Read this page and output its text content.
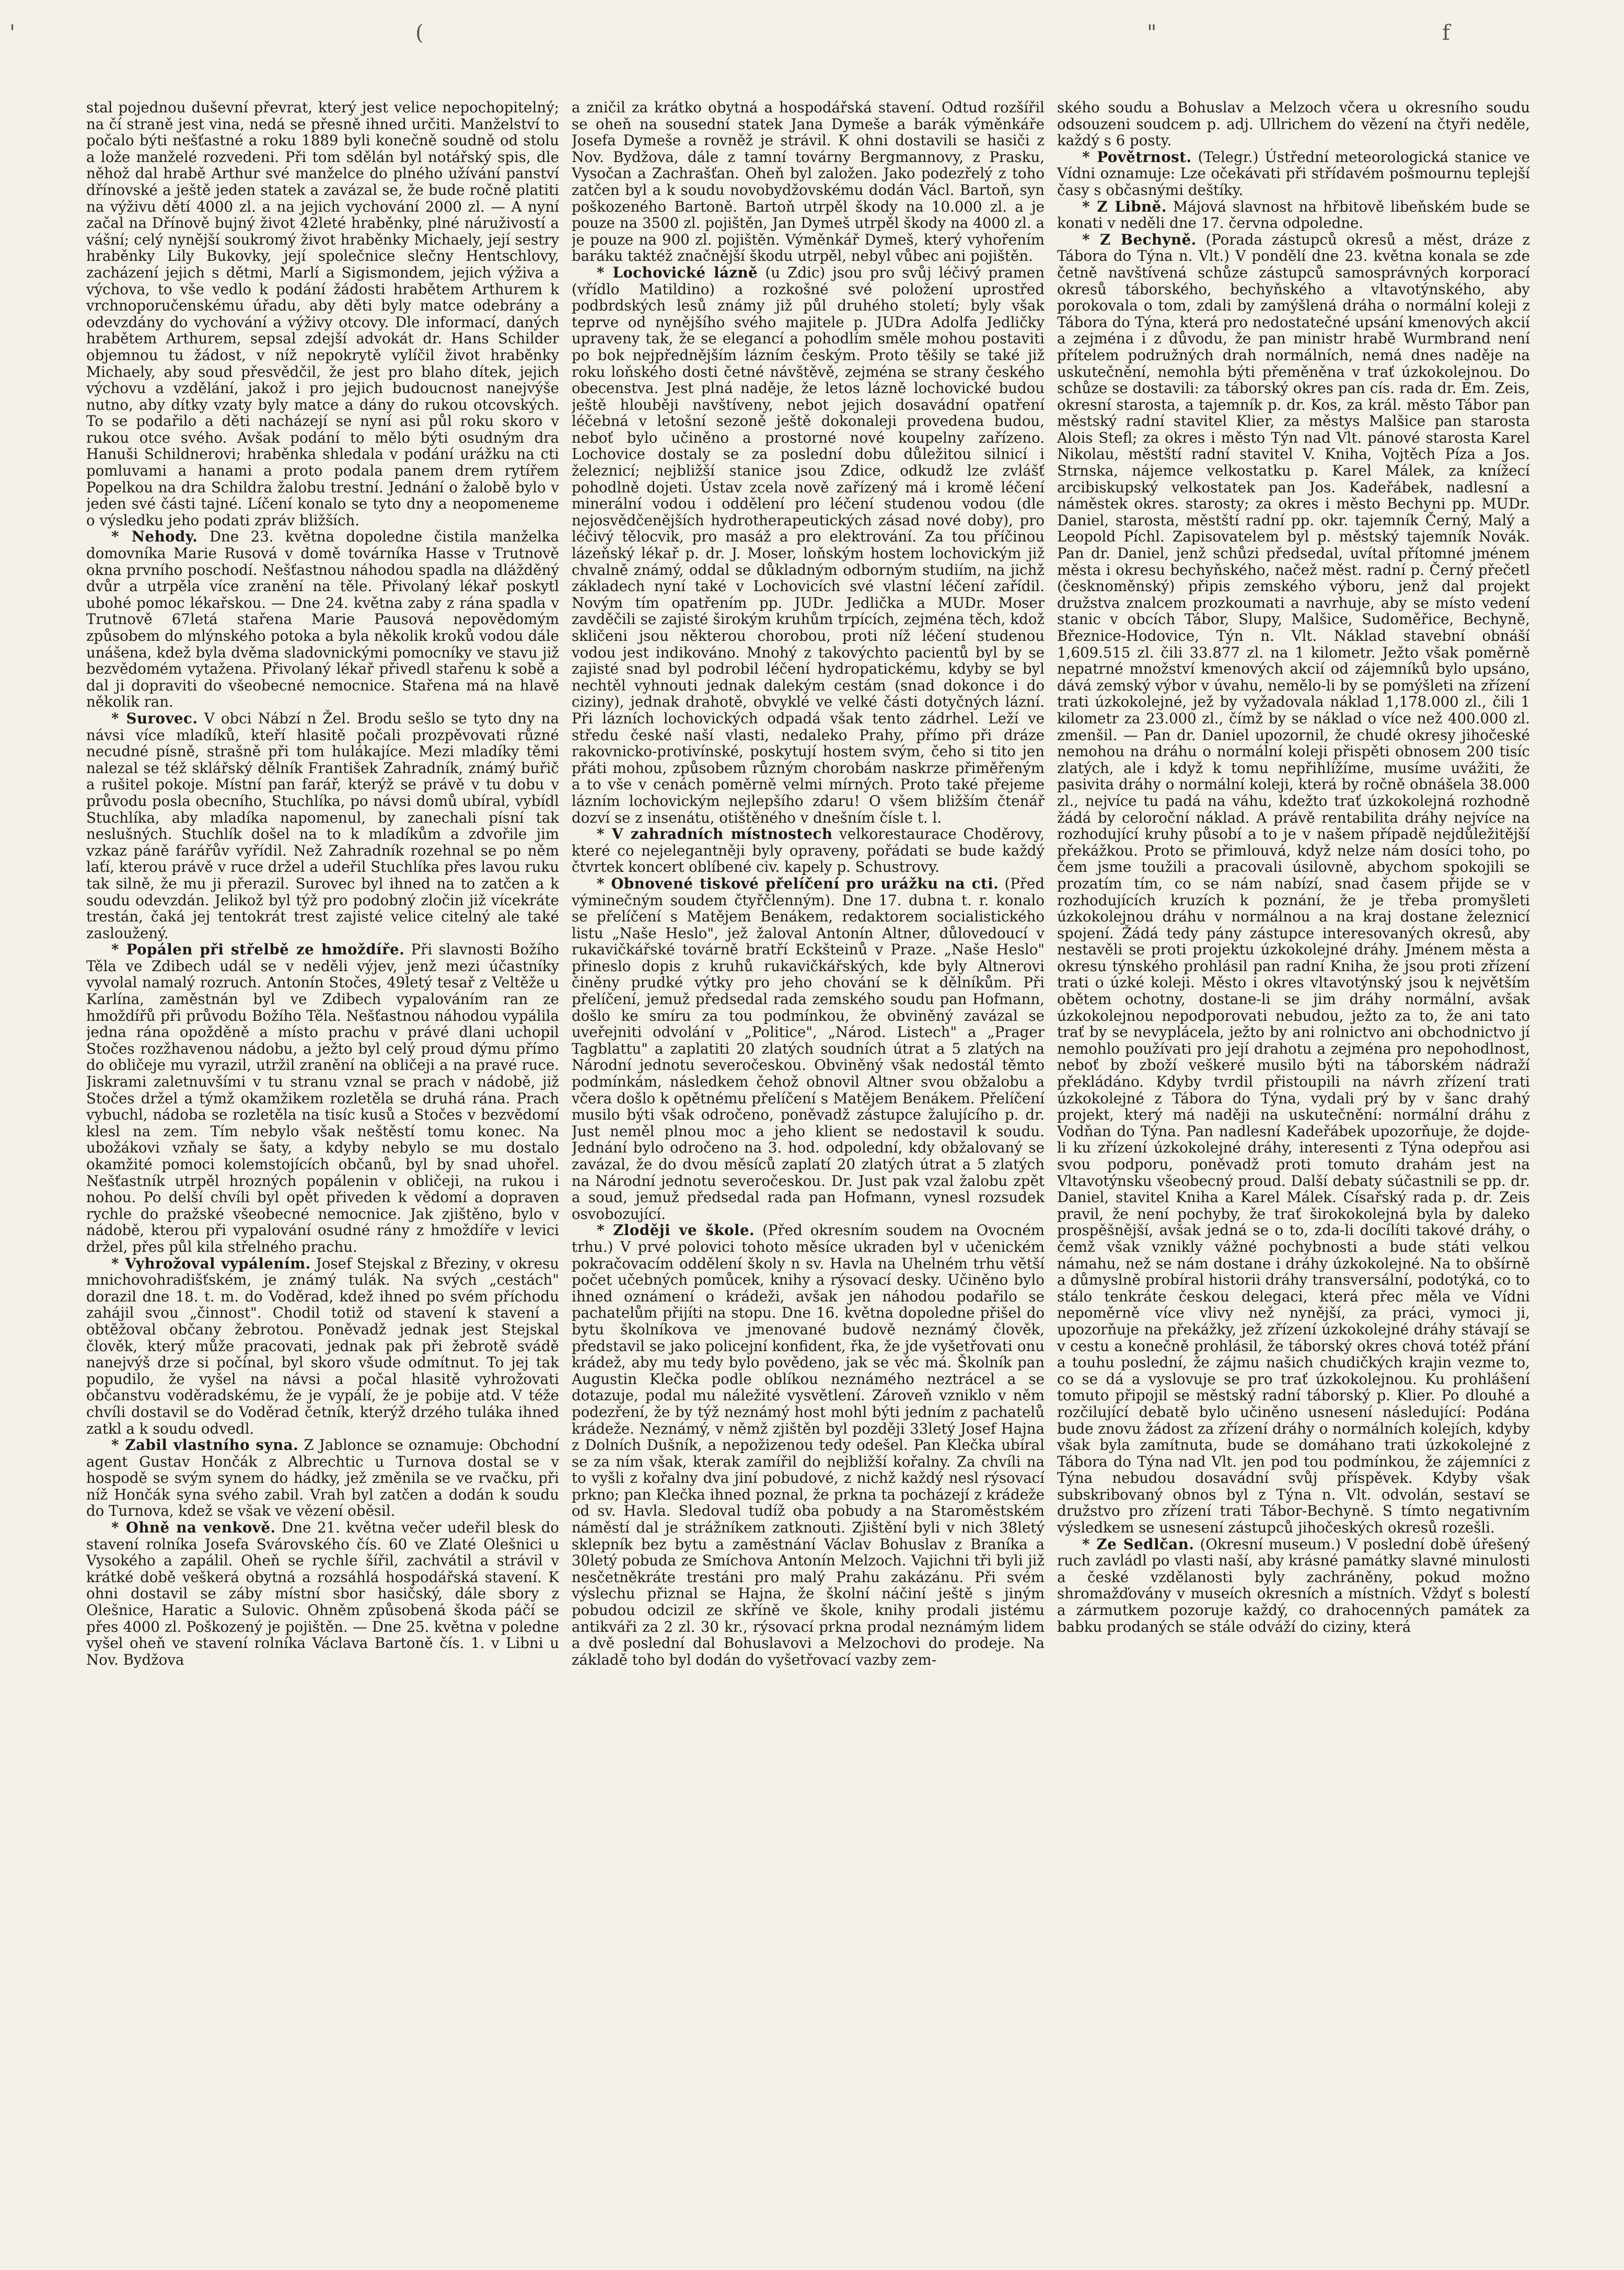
'	(	"	f

stal pojednou duševní převrat, který jest velice nepochopitelný; na čí straně jest vina, nedá se přesně ihned určiti. Manželství to počalo býti nešťastné a roku 1889 byli konečně soudně od stolu a lože manželé rozvedeni. Při tom sdělán byl notářský spis, dle něhož dal hrabě Arthur své manželce do plného užívání panství dřínovské a ještě jeden statek a zavázal se, že bude ročně platiti na výživu dětí 4000 zl. a na jejich vychování 2000 zl. — A nyní začal na Dřínově bujný život 42leté hraběnky, plné náruživostí a vášní; celý nynější soukromý život hraběnky Michaely, její sestry hraběnky Lily Bukovky, její společnice slečny Hentschlovy, zacházení jejich s dětmi, Marlí a Sigismondem, jejich výživa a výchova, to vše vedlo k podání žádosti hrabětem Arthurem k vrchnoporučenskému úřadu, aby děti byly matce odebrány a odevzdány do vychování a výživy otcovy. Dle informací, daných hrabětem Arthurem, sepsal zdejší advokát dr. Hans Schilder objemnou tu žádost, v níž nepokrytě vylíčil život hraběnky Michaely, aby soud přesvědčil, že jest pro blaho dítek, jejich výchovu a vzdělání, jakož i pro jejich budoucnost nanejvýše nutno, aby dítky vzaty byly matce a dány do rukou otcovských. To se podařilo a děti nacházejí se nyní asi půl roku skoro v rukou otce svého. Avšak podání to mělo býti osudným dra Hanuši Schildnerovi; hraběnka shledala v podání urážku na cti pomluvami a hanami a proto podala panem drem rytířem Popelkou na dra Schildra žalobu trestní. Jednání o žalobě bylo v jeden své části tajné. Líčení konalo se tyto dny a neopomeneme o výsledku jeho podati zpráv bližších.

* Nehody. Dne 23. května dopoledne čistila manželka domovníka Marie Rusová v domě továrníka Hasse v Trutnově okna prvního poschodí. Nešťastnou náhodou spadla na dlážděný dvůr a utrpěla více zranění na těle. Přivolaný lékař poskytl ubohé pomoc lékařskou. — Dne 24. května zaby z rána spadla v Trutnově 67letá stařena Marie Pausová nepovědomým způsobem do mlýnského potoka a byla několik kroků vodou dále unášena, kdež byla dvěma sladovnickými pomocníky ve stavu již bezvědomém vytažena. Přivolaný lékař přivedl stařenu k sobě a dal ji dopraviti do všeobecné nemocnice. Stařena má na hlavě několik ran.

* Surovec. V obci Nábzí n Žel. Brodu sešlo se tyto dny na návsi více mladíků, kteří hlasitě počali prozpěvovati různé necudné písně, strašně při tom hulákajíce. Mezi mladíky těmi nalezal se též sklářský dělník František Zahradník, známý buřič a rušitel pokoje. Místní pan farář, kterýž se právě v tu dobu v průvodu posla obecního, Stuchlíka, po návsi domů ubíral, vybídl Stuchlíka, aby mladíka napomenul, by zanechali písní tak neslušných. Stuchlík došel na to k mladíkům a zdvořile jim vzkaz páně farářův vyřídil. Než Zahradník rozehnal se po něm laťí, kterou právě v ruce držel a udeřil Stuchlíka přes lavou ruku tak silně, že mu ji přerazil. Surovec byl ihned na to zatčen a k soudu odevzdán. Jelikož byl týž pro podobný zločin již vícekráte trestán, čaká jej tentokrát trest zajisté velice citelný ale také zasloužený.

* Popálen při střelbě ze hmoždíře. Při slavnosti Božího Těla ve Zdibech udál se v neděli výjev, jenž mezi účastníky vyvolal namalý rozruch. Antonín Stočes, 49letý tesař z Veltěže u Karlína, zaměstnán byl ve Zdibech vypalováním ran ze hmoždířů při průvodu Božího Těla. Nešťastnou náhodou vypálila jedna rána opožděně a místo prachu v právé dlani uchopil Stočes rozžhavenou nádobu, a ježto byl celý proud dýmu přímo do obličeje mu vyrazil, utržil zranění na obličeji a na pravé ruce. Jiskrami zaletnuvšími v tu stranu vznal se prach v nádobě, již Stočes držel a týmž okamžikem rozletěla se druhá rána. Prach vybuchl, nádoba se rozletěla na tisíc kusů a Stočes v bezvědomí klesl na zem. Tím nebylo však neštěstí tomu konec. Na ubožákovi vzňaly se šaty, a kdyby nebylo se mu dostalo okamžité pomoci kolemstojících občanů, byl by snad uhořel. Nešťastník utrpěl hrozných popálenin v obličeji, na rukou i nohou. Po delší chvíli byl opět přiveden k vědomí a dopraven rychle do pražské všeobecné nemocnice. Jak zjištěno, bylo v nádobě, kterou při vypalování osudné rány z hmoždíře v levici držel, přes půl kila střelného prachu.

* Vyhrožoval vypálením. Josef Stejskal z Březiny, v okresu mnichovohradišťském, je známý tulák. Na svých „cestách" dorazil dne 18. t. m. do Voděrad, kdež ihned po svém příchodu zahájil svou „činnost". Chodil totiž od stavení k stavení a obtěžoval občany žebrotou. Poněvadž jednak jest Stejskal člověk, který může pracovati, jednak pak při žebrotě svádě nanejvýš drze si počínal, byl skoro všude odmítnut. To jej tak popudilo, že vyšel na návsi a počal hlasitě vyhrožovati občanstvu voděradskému, že je vypálí, že je pobije atd. V téže chvíli dostavil se do Voděrad četník, kterýž drzého tuláka ihned zatkl a k soudu odvedl.

* Zabil vlastního syna. Z Jablonce se oznamuje: Obchodní agent Gustav Hončák z Albrechtic u Turnova dostal se v hospodě se svým synem do hádky, jež změnila se ve rvačku, při níž Hončák syna svého zabil. Vrah byl zatčen a dodán k soudu do Turnova, kdež se však ve vězení oběsil.

* Ohně na venkově. Dne 21. května večer udeřil blesk do stavení rolníka Josefa Svárovského čís. 60 ve Zlaté Olešnici u Vysokého a zapálil. Oheň se rychle šířil, zachvátil a strávil v krátké době veškerá obytná a rozsáhlá hospodářská stavení. K ohni dostavil se záby místní sbor hasičský, dále sbory z Olešnice, Haratic a Sulovic. Ohněm způsobená škoda páčí se přes 4000 zl. Poškozený je pojištěn. — Dne 25. května v poledne vyšel oheň ve stavení rolníka Václava Bartoně čís. 1. v Libni u Nov. Bydžova

a zničil za krátko obytná a hospodářská stavení. Odtud rozšířil se oheň na sousední statek Jana Dymeše a barák výměnkáře Josefa Dymeše a rovněž je strávil. K ohni dostavili se hasiči z Nov. Bydžova, dále z tamní továrny Bergmannovy, z Prasku, Vysočan a Zachrašťan. Oheň byl založen. Jako podezřelý z toho zatčen byl a k soudu novobydžovskému dodán Václ. Bartoň, syn poškozeného Bartoně. Bartoň utrpěl škody na 10.000 zl. a je pouze na 3500 zl. pojištěn, Jan Dymeš utrpěl škody na 4000 zl. a je pouze na 900 zl. pojištěn. Výměnkář Dymeš, který vyhořením baráku taktéž značnější škodu utrpěl, nebyl vůbec ani pojištěn.

* Lochovické lázně (u Zdic) jsou pro svůj léčivý pramen (vřídlo Matildino) a rozkošné své položení uprostřed podbrdských lesů známy již půl druhého století; byly však teprve od nynějšího svého majitele p. JUDra Adolfa Jedličky upraveny tak, že se elegancí a pohodlím směle mohou postaviti po bok nejpřednějším lázním českým. Proto těšily se také již roku loňského dosti četné návštěvě, zejména se strany českého obecenstva. Jest plná naděje, že letos lázně lochovické budou ještě hlouběji navštíveny, nebot jejich dosavádní opatření léčebná v letošní sezoně ještě dokonaleji provedena budou, neboť bylo učiněno a prostorné nové koupelny zařízeno. Lochovice dostaly se za poslední dobu důležitou silnicí i železnicí; nejbližší stanice jsou Zdice, odkudž lze zvlášť pohodlně dojeti. Ústav zcela nově zařízený má i kromě léčení minerální vodou i oddělení pro léčení studenou vodou (dle nejosvědčenějších hydrotherapeutických zásad nové doby), pro léčivý tělocvik, pro masáž a pro elektrování. Za tou příčinou lázeňský lékař p. dr. J. Moser, loňským hostem lochovickým již chvalně známý, oddal se důkladným odborným studiím, na jichž základech nyní také v Lochovicích své vlastní léčení zařídil. Novým tím opatřením pp. JUDr. Jedlička a MUDr. Moser zavděčili se zajisté širokým kruhům trpících, zejména těch, kdož skličeni jsou některou chorobou, proti níž léčení studenou vodou jest indikováno. Mnohý z takovýchto pacientů byl by se zajisté snad byl podrobil léčení hydropatickému, kdyby se byl nechtěl vyhnouti jednak dalekým cestám (snad dokonce i do ciziny), jednak drahotě, obvyklé ve velké části dotyčných lázní. Při lázních lochovických odpadá však tento zádrhel. Leží ve středu české naší vlasti, nedaleko Prahy, přímo při dráze rakovnicko-protivínské, poskytují hostem svým, čeho si tito jen přáti mohou, způsobem různým chorobám naskrze přiměřeným a to vše v cenách poměrně velmi mírných. Proto také přejeme lázním lochovickým nejlepšího zdaru! O všem bližším čtenář dozví se z insenátu, otištěného v dnešním čísle t. l.

* V zahradních místnostech velkorestaurace Choděrovy, které co nejelegantněji byly opraveny, pořádati se bude každý čtvrtek koncert oblíbené civ. kapely p. Schustrovy.

* Obnovené tiskové přelíčení pro urážku na cti. (Před výminečným soudem čtyřčlenným). Dne 17. dubna t. r. konalo se přelíčení s Matějem Benákem, redaktorem socialistického listu „Naše Heslo", jež žaloval Antonín Altner, důlovedoucí v rukavičkářské továrně bratří Eckšteinů v Praze. „Naše Heslo" přineslo dopis z kruhů rukavičkářských, kde byly Altnerovi činěny prudké výtky pro jeho chování se k dělníkům. Při přelíčení, jemuž předsedal rada zemského soudu pan Hofmann, došlo ke smíru za tou podmínkou, že obviněný zavázal se uveřejniti odvolání v „Politice", „Národ. Listech" a „Prager Tagblattu" a zaplatiti 20 zlatých soudních útrat a 5 zlatých na Národní jednotu severočeskou. Obviněný však nedostál těmto podmínkám, následkem čehož obnovil Altner svou obžalobu a včera došlo k opětnému přelíčení s Matějem Benákem. Přelíčení musilo býti však odročeno, poněvadž zástupce žalujícího p. dr. Just neměl plnou moc a jeho klient se nedostavil k soudu. Jednání bylo odročeno na 3. hod. odpolední, kdy obžalovaný se zavázal, že do dvou měsíců zaplatí 20 zlatých útrat a 5 zlatých na Národní jednotu severočeskou. Dr. Just pak vzal žalobu zpět a soud, jemuž předsedal rada pan Hofmann, vynesl rozsudek osvobozující.

* Zloději ve škole. (Před okresním soudem na Ovocném trhu.) V prvé polovici tohoto měsíce ukraden byl v učenickém pokračovacím oddělení školy n sv. Havla na Uhelném trhu větší počet učebných pomůcek, knihy a rýsovací desky. Učiněno bylo ihned oznámení o krádeži, avšak jen náhodou podařilo se pachatelům přijíti na stopu. Dne 16. května dopoledne přišel do bytu školníkova ve jmenované budově neznámý člověk, představil se jako policejní konfident, řka, že jde vyšetřovati onu krádež, aby mu tedy bylo povědeno, jak se věc má. Školník pan Augustin Klečka podle oblíkou neznámého neztrácel a se dotazuje, podal mu náležité vysvětlení. Zároveň vzniklo v něm podezření, že by týž neznámý host mohl býti jedním z pachatelů krádeže. Neznámý, v němž zjištěn byl později 33letý Josef Hajna z Dolních Dušník, a nepožizenou tedy odešel. Pan Klečka ubíral se za ním však, kterak zamířil do nejbližší kořalny. Za chvíli na to vyšli z kořalny dva jiní pobudové, z nichž každý nesl rýsovací prkno; pan Klečka ihned poznal, že prkna ta pocházejí z krádeže od sv. Havla. Sledoval tudíž oba pobudy a na Staroměstském náměstí dal je strážníkem zatknouti. Zjištění byli v nich 38letý sklepník bez bytu a zaměstnání Václav Bohuslav z Braníka a 30letý pobuda ze Smíchova Antonín Melzoch. Vajichni tři byli již nesčetněkráte trestáni pro malý Prahu zakázánu. Při svém výslechu přiznal se Hajna, že školní náčiní ještě s jiným pobudou odcizil ze skříně ve škole, knihy prodali jistému antikváři za 2 zl. 30 kr., rýsovací prkna prodal neznámým lidem a dvě poslední dal Bohuslavovi a Melzochovi do prodeje. Na základě toho byl dodán do vyšetřovací vazby zem-

ského soudu a Bohuslav a Melzoch včera u okresního soudu odsouzeni soudcem p. adj. Ullrichem do vězení na čtyři neděle, každý s 6 posty.

* Povětrnost. (Telegr.) Ústřední meteorologická stanice ve Vídni oznamuje: Lze očekávati při střídavém pošmournu teplejší časy s občasnými deštíky.

* Z Libně. Májová slavnost na hřbitově libeňském bude se konati v neděli dne 17. června odpoledne.

* Z Bechyně. (Porada zástupců okresů a měst, dráze z Tábora do Týna n. Vlt.) V pondělí dne 23. května konala se zde četně navštívená schůze zástupců samosprávných korporací okresů táborského, bechyňského a vltavotýnského, aby porokovala o tom, zdali by zamýšlená dráha o normální koleji z Tábora do Týna, která pro nedostatečné upsání kmenových akcií a zejména i z důvodu, že pan ministr hrabě Wurmbrand není přítelem podružných drah normálních, nemá dnes naděje na uskutečnění, nemohla býti přeměněna v trať úzkokolejnou. Do schůze se dostavili: za táborský okres pan cís. rada dr. Em. Zeis, okresní starosta, a tajemník p. dr. Kos, za král. město Tábor pan městský radní stavitel Klier, za městys Malšice pan starosta Alois Stefl; za okres i město Týn nad Vlt. pánové starosta Karel Nikolau, městští radní stavitel V. Kniha, Vojtěch Píza a Jos. Strnska, nájemce velkostatku p. Karel Málek, za knížecí arcibiskupský velkostatek pan Jos. Kadeřábek, nadlesní a náměstek okres. starosty; za okres i město Bechyni pp. MUDr. Daniel, starosta, městští radní pp. okr. tajemník Černý, Malý a Leopold Píchl. Zapisovatelem byl p. městský tajemník Novák. Pan dr. Daniel, jenž schůzi předsedal, uvítal přítomné jménem města i okresu bechyňského, načež měst. radní p. Černý přečetl (česknoměnský) připis zemského výboru, jenž dal projekt družstva znalcem prozkoumati a navrhuje, aby se místo vedení stanic v obcích Tábor, Slupy, Malšice, Sudoměřice, Bechyně, Březnice-Hodovice, Týn n. Vlt. Náklad stavební obnáší 1,609.515 zl. čili 33.877 zl. na 1 kilometr. Ježto však poměrně nepatrné množství kmenových akcií od zájemníků bylo upsáno, dává zemský výbor v úvahu, nemělo-li by se pomýšleti na zřízení trati úzkokolejné, jež by vyžadovala náklad 1,178.000 zl., čili 1 kilometr za 23.000 zl., čímž by se náklad o více než 400.000 zl. zmenšil. — Pan dr. Daniel upozornil, že chudé okresy jihočeské nemohou na dráhu o normální koleji přispěti obnosem 200 tisíc zlatých, ale i když k tomu nepřihlížíme, musíme uvážiti, že pasivita dráhy o normální koleji, která by ročně obnášela 38.000 zl., nejvíce tu padá na váhu, kdežto trať úzkokolejná rozhodně žádá by celoroční náklad. A právě rentabilita dráhy nejvíce na rozhodující kruhy působí a to je v našem případě nejdůležitější překážkou. Proto se přimlouvá, když nelze nám dosíci toho, po čem jsme toužili a pracovali úsilovně, abychom spokojili se prozatím tím, co se nám nabízí, snad časem přijde se v rozhodujících kruzích k poznání, že je třeba promyšleti úzkokolejnou dráhu v normálnou a na kraj dostane železnicí spojení. Žádá tedy pány zástupce interesovaných okresů, aby nestavěli se proti projektu úzkokolejné dráhy. Jménem města a okresu týnského prohlásil pan radní Kniha, že jsou proti zřízení trati o úzké koleji. Město i okres vltavotýnský jsou k největším obětem ochotny, dostane-li se jim dráhy normální, avšak úzkokolejnou nepodporovati nebudou, ježto za to, že ani tato trať by se nevyplácela, ježto by ani rolnictvo ani obchodnictvo jí nemohlo používati pro její drahotu a zejména pro nepohodlnost, neboť by zboží veškeré musilo býti na táborském nádraží překládáno. Kdyby tvrdil přistoupili na návrh zřízení trati úzkokolejné z Tábora do Týna, vydali prý by v šanc drahý projekt, který má naději na uskutečnění: normální dráhu z Vodňan do Týna. Pan nadlesní Kadeřábek upozorňuje, že dojde-li ku zřízení úzkokolejné dráhy, interesenti z Týna odepřou asi svou podporu, poněvadž proti tomuto drahám jest na Vltavotýnsku všeobecný proud. Další debaty súčastnili se pp. dr. Daniel, stavitel Kniha a Karel Málek. Císařský rada p. dr. Zeis pravil, že není pochyby, že trať širokokolejná byla by daleko prospěšnější, avšak jedná se o to, zda-li docílíti takové dráhy, o čemž však vznikly vážné pochybnosti a bude státi velkou námahu, než se nám dostane i dráhy úzkokolejné. Na to obšírně a důmyslně probíral historii dráhy transversální, podotýká, co to stálo tenkráte českou delegaci, která přec měla ve Vídni nepoměrně více vlivy než nynější, za práci, vymoci ji, upozorňuje na překážky, jež zřízení úzkokolejné dráhy stávají se v cestu a konečně prohlásil, že táborský okres chová totéž přání a touhu poslední, že zájmu našich chudičkých krajin vezme to, co se dá a vyslovuje se pro trať úzkokolejnou. Ku prohlášení tomuto připojil se městský radní táborský p. Klier. Po dlouhé a rozčilující debatě bylo učiněno usnesení následující: Podána bude znovu žádost za zřízení dráhy o normálních kolejích, kdyby však byla zamítnuta, bude se domáhano trati úzkokolejné z Tábora do Týna nad Vlt. jen pod tou podmínkou, že zájemníci z Týna nebudou dosavádní svůj příspěvek. Kdyby však subskribovaný obnos byl z Týna n. Vlt. odvolán, sestaví se družstvo pro zřízení trati Tábor-Bechyně. S tímto negativním výsledkem se usnesení zástupců jihočeských okresů rozešli.

* Ze Sedlčan. (Okresní museum.) V poslední době úřešený ruch zavládl po vlasti naší, aby krásné památky slavné minulosti a české vzdělanosti byly zachráněny, pokud možno shromažďovány v museích okresních a místních. Vždyť s bolestí a zármutkem pozoruje každý, co drahocenných památek za babku prodaných se stále odváží do ciziny, která
